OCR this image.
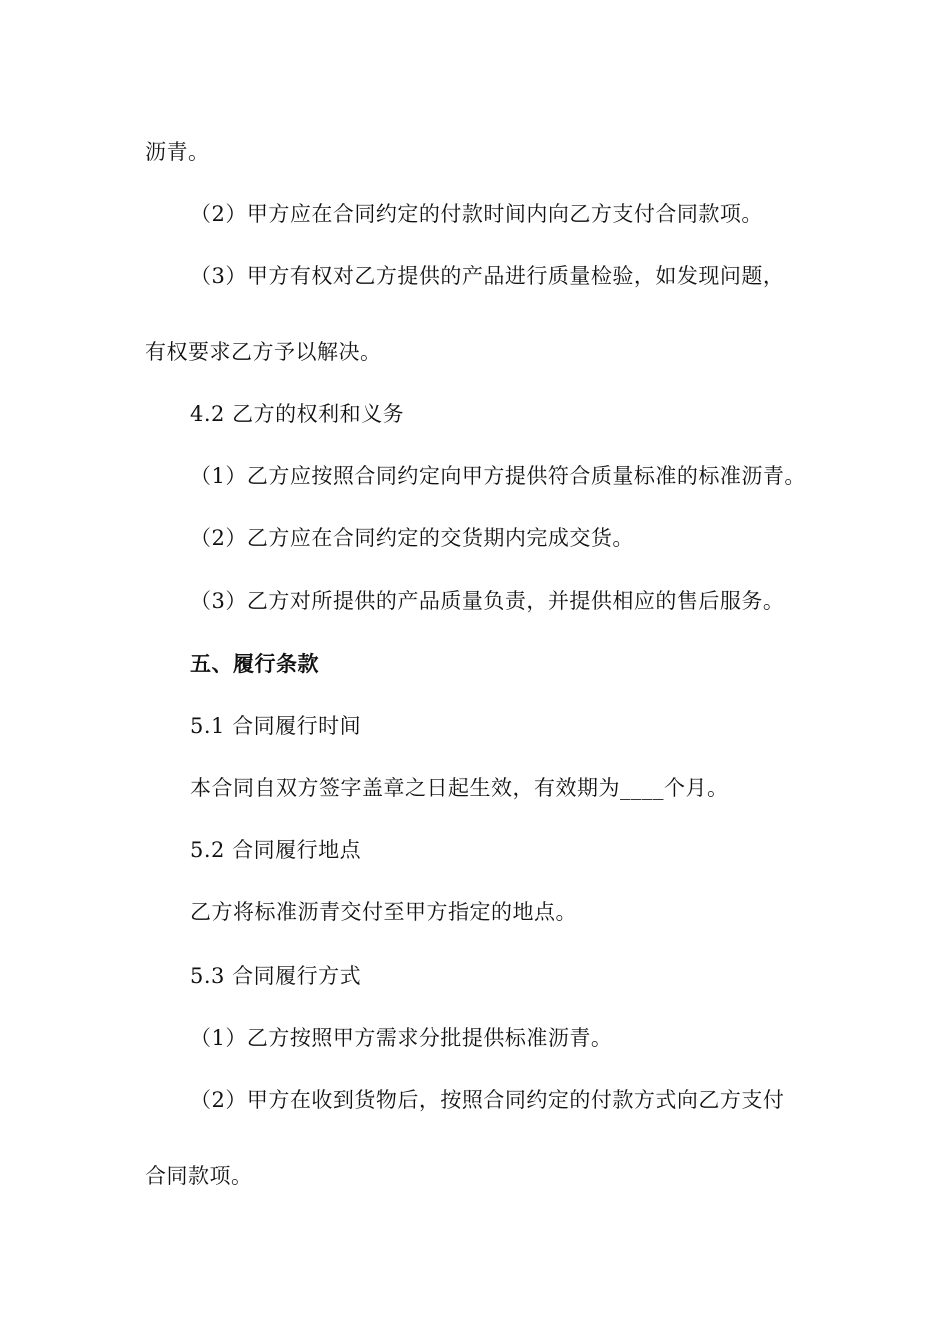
沥青。
（2）甲方应在合同约定的付款时间内向乙方支付合同款项。
（3）甲方有权对乙方提供的产品进行质量检验，如发现问题，
有权要求乙方予以解决。
4.2 乙方的权利和义务
（1）乙方应按照合同约定向甲方提供符合质量标准的标准沥青。
（2）乙方应在合同约定的交货期内完成交货。
（3）乙方对所提供的产品质量负责，并提供相应的售后服务。
五、履行条款
5.1 合同履行时间
本合同自双方签字盖章之日起生效，有效期为____个月。
5.2 合同履行地点
乙方将标准沥青交付至甲方指定的地点。
5.3 合同履行方式
（1）乙方按照甲方需求分批提供标准沥青。
（2）甲方在收到货物后，按照合同约定的付款方式向乙方支付
合同款项。
